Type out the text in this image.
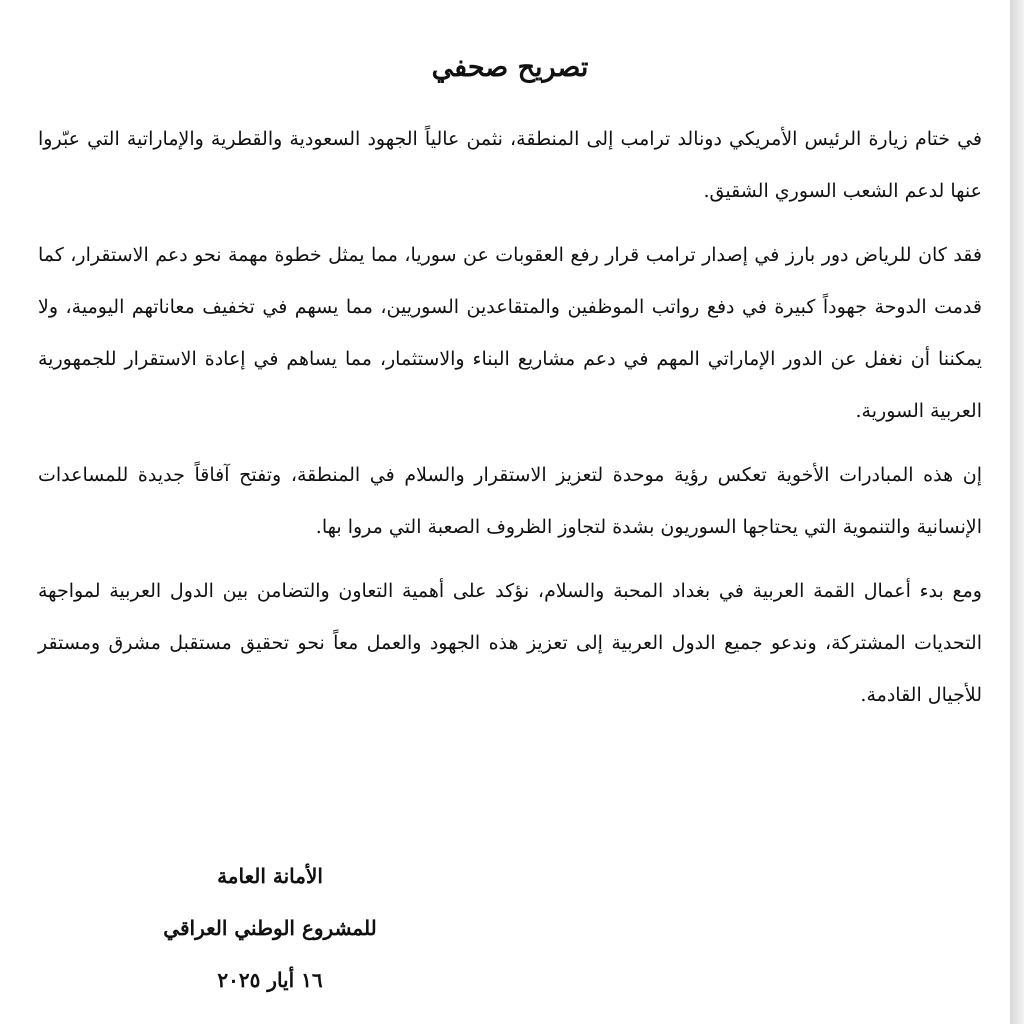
تصريح صحفي

في ختام زيارة الرئيس الأمريكي دونالد ترامب إلى المنطقة، نثمن عالياً الجهود السعودية والقطرية والإماراتية التي عبّروا عنها لدعم الشعب السوري الشقيق.

فقد كان للرياض دور بارز في إصدار ترامب قرار رفع العقوبات عن سوريا، مما يمثل خطوة مهمة نحو دعم الاستقرار، كما قدمت الدوحة جهوداً كبيرة في دفع رواتب الموظفين والمتقاعدين السوريين، مما يسهم في تخفيف معاناتهم اليومية، ولا يمكننا أن نغفل عن الدور الإماراتي المهم في دعم مشاريع البناء والاستثمار، مما يساهم في إعادة الاستقرار للجمهورية العربية السورية.

إن هذه المبادرات الأخوية تعكس رؤية موحدة لتعزيز الاستقرار والسلام في المنطقة، وتفتح آفاقاً جديدة للمساعدات الإنسانية والتنموية التي يحتاجها السوريون بشدة لتجاوز الظروف الصعبة التي مروا بها.

ومع بدء أعمال القمة العربية في بغداد المحبة والسلام، نؤكد على أهمية التعاون والتضامن بين الدول العربية لمواجهة التحديات المشتركة، وندعو جميع الدول العربية إلى تعزيز هذه الجهود والعمل معاً نحو تحقيق مستقبل مشرق ومستقر للأجيال القادمة.

الأمانة العامة
للمشروع الوطني العراقي
١٦ أيار ٢٠٢٥
